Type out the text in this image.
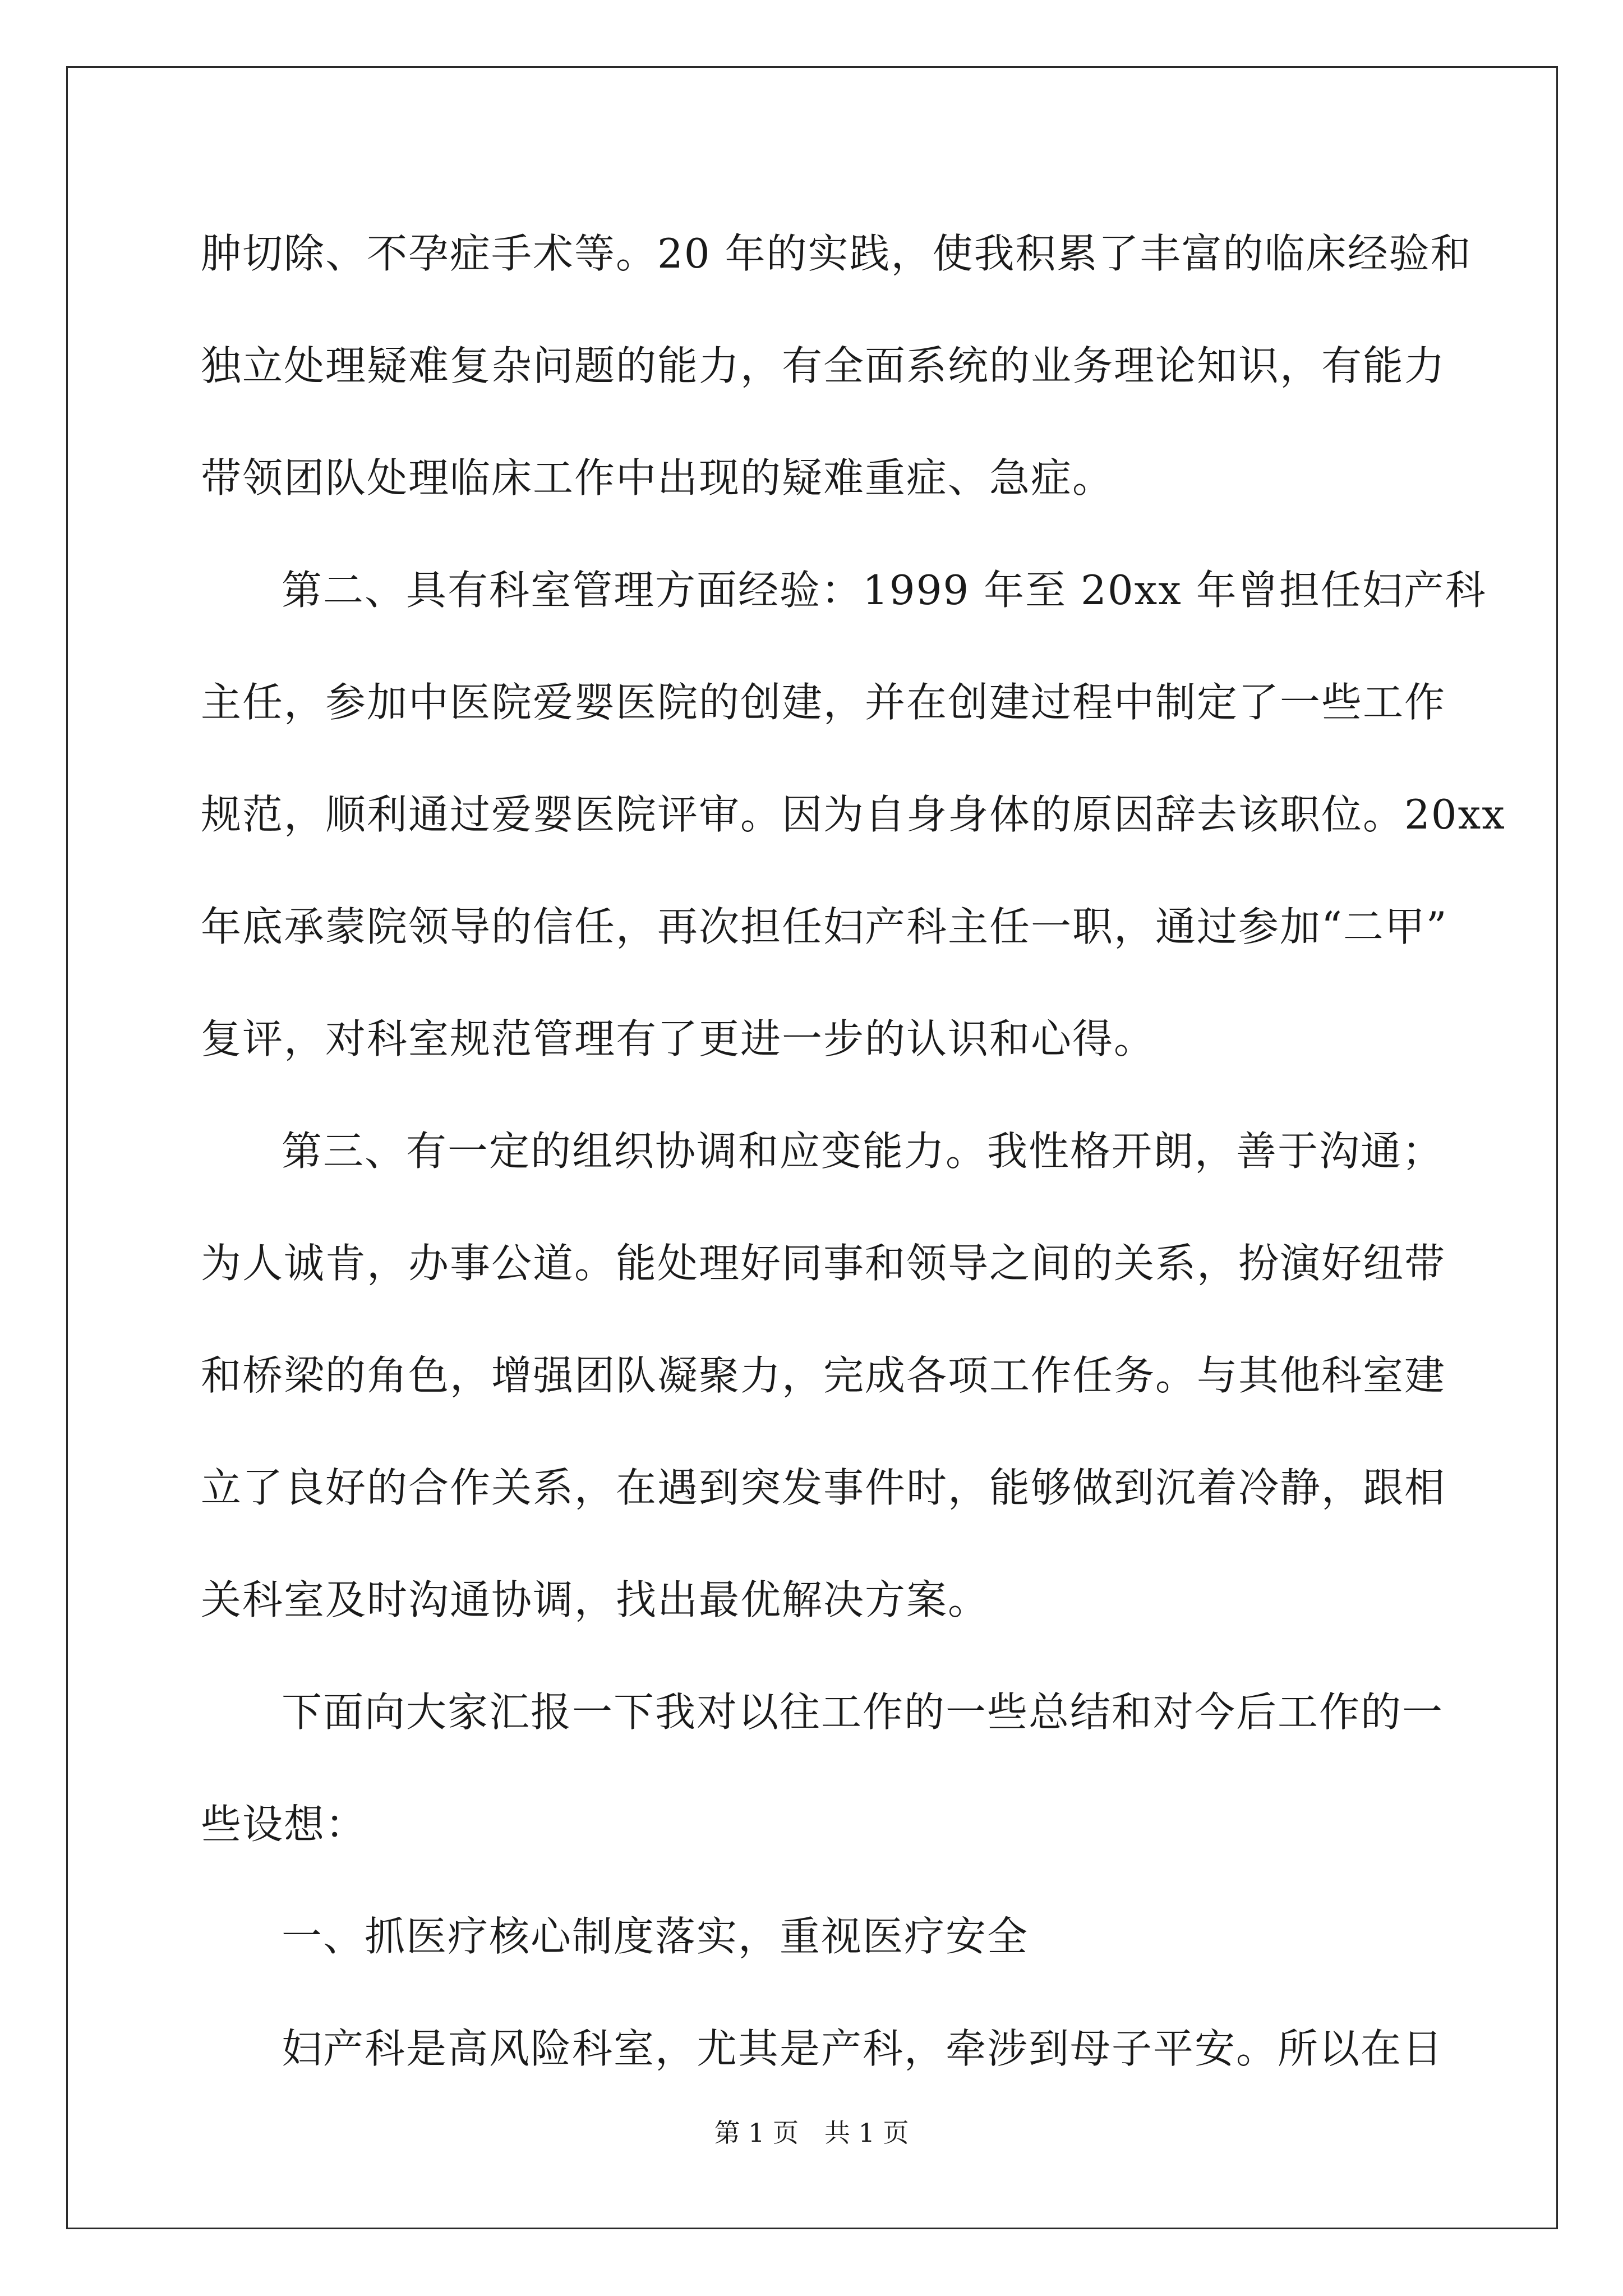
肿切除、不孕症手术等。20 年的实践，使我积累了丰富的临床经验和
独立处理疑难复杂问题的能力，有全面系统的业务理论知识，有能力
带领团队处理临床工作中出现的疑难重症、急症。
第二、具有科室管理方面经验：1999 年至 20xx 年曾担任妇产科
主任，参加中医院爱婴医院的创建，并在创建过程中制定了一些工作
规范，顺利通过爱婴医院评审。因为自身身体的原因辞去该职位。20xx
年底承蒙院领导的信任，再次担任妇产科主任一职，通过参加“二甲”
复评，对科室规范管理有了更进一步的认识和心得。
第三、有一定的组织协调和应变能力。我性格开朗，善于沟通；
为人诚肯，办事公道。能处理好同事和领导之间的关系，扮演好纽带
和桥梁的角色，增强团队凝聚力，完成各项工作任务。与其他科室建
立了良好的合作关系，在遇到突发事件时，能够做到沉着冷静，跟相
关科室及时沟通协调，找出最优解决方案。
下面向大家汇报一下我对以往工作的一些总结和对今后工作的一
些设想：
一、抓医疗核心制度落实，重视医疗安全
妇产科是高风险科室，尤其是产科，牵涉到母子平安。所以在日
第 1 页　共 1 页
